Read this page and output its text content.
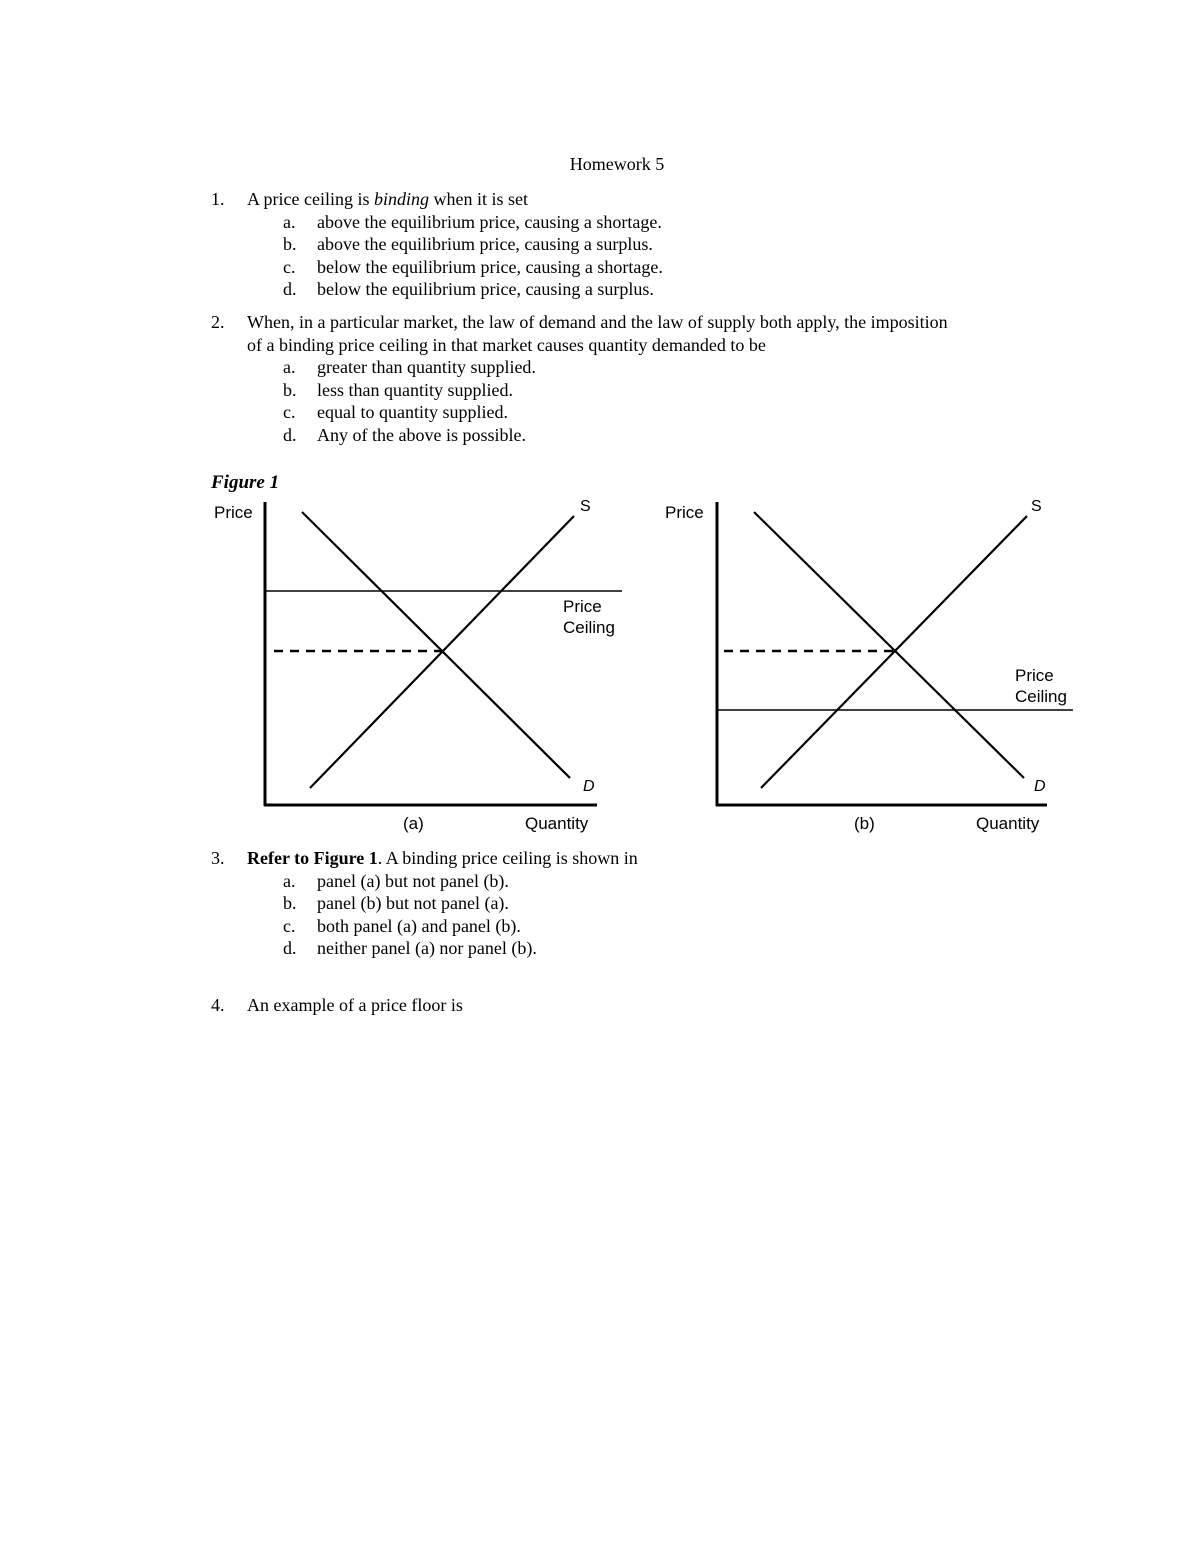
Homework 5
1. A price ceiling is binding when it is set
a. above the equilibrium price, causing a shortage.
b. above the equilibrium price, causing a surplus.
c. below the equilibrium price, causing a shortage.
d. below the equilibrium price, causing a surplus.
2. When, in a particular market, the law of demand and the law of supply both apply, the imposition
of a binding price ceiling in that market causes quantity demanded to be
a. greater than quantity supplied.
b. less than quantity supplied.
c. equal to quantity supplied.
d. Any of the above is possible.
Figure 1
Price	S
D
Price
Ceiling
(a)	Quantity
Price	S
D
Price
Ceiling
(b)	Quantity
3. Refer to Figure 1. A binding price ceiling is shown in
a. panel (a) but not panel (b).
b. panel (b) but not panel (a).
c. both panel (a) and panel (b).
d. neither panel (a) nor panel (b).
4. An example of a price floor is
